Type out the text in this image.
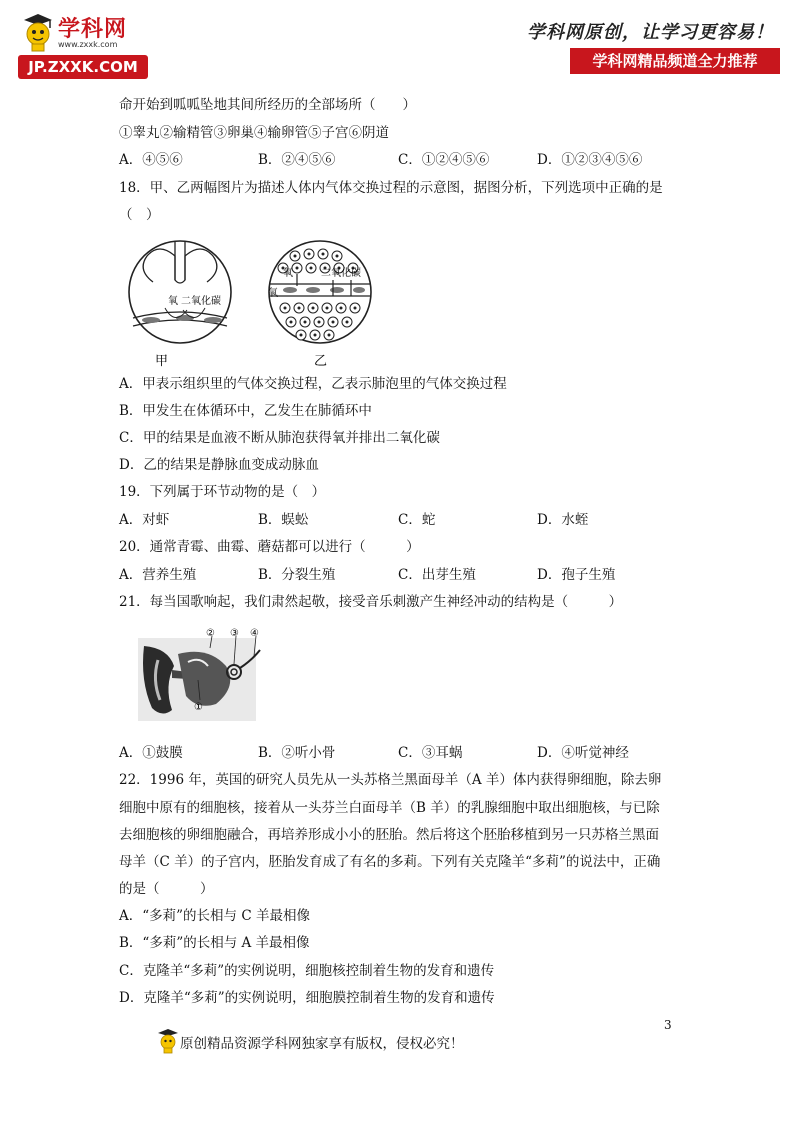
学科网
www.zxxk.com
JP.ZXXK.COM
学科网原创，让学习更容易！
学科网精品频道全力推荐
命开始到呱呱坠地其间所经历的全部场所（　　）
①睾丸②输精管③卵巢④输卵管⑤子宫⑥阴道
A．④⑤⑥	B．②④⑤⑥	C．①②④⑤⑥	D．①②③④⑤⑥
18．甲、乙两幅图片为描述人体内气体交换过程的示意图，据图分析，下列选项中正确的是
（　）
氧 二氧化碳
甲
氧	二氧化碳
氧
乙
A．甲表示组织里的气体交换过程，乙表示肺泡里的气体交换过程
B．甲发生在体循环中，乙发生在肺循环中
C．甲的结果是血液不断从肺泡获得氧并排出二氧化碳
D．乙的结果是静脉血变成动脉血
19．下列属于环节动物的是（　）
A．对虾	B．蜈蚣	C．蛇	D．水蛭
20．通常青霉、曲霉、蘑菇都可以进行（　　　）
A．营养生殖	B．分裂生殖	C．出芽生殖	D．孢子生殖
21．每当国歌响起，我们肃然起敬，接受音乐刺激产生神经冲动的结构是（　　　）
② ③ ④
①
A．①鼓膜	B．②听小骨	C．③耳蜗	D．④听觉神经
22．1996 年，英国的研究人员先从一头苏格兰黑面母羊（A 羊）体内获得卵细胞，除去卵
细胞中原有的细胞核，接着从一头芬兰白面母羊（B 羊）的乳腺细胞中取出细胞核，与已除
去细胞核的卵细胞融合，再培养形成小小的胚胎。然后将这个胚胎移植到另一只苏格兰黑面
母羊（C 羊）的子宫内，胚胎发育成了有名的多莉。下列有关克隆羊“多莉”的说法中，正确
的是（　　　）
A．“多莉”的长相与 C 羊最相像
B．“多莉”的长相与 A 羊最相像
C．克隆羊“多莉”的实例说明，细胞核控制着生物的发育和遗传
D．克隆羊“多莉”的实例说明，细胞膜控制着生物的发育和遗传
3
原创精品资源学科网独家享有版权，侵权必究！
